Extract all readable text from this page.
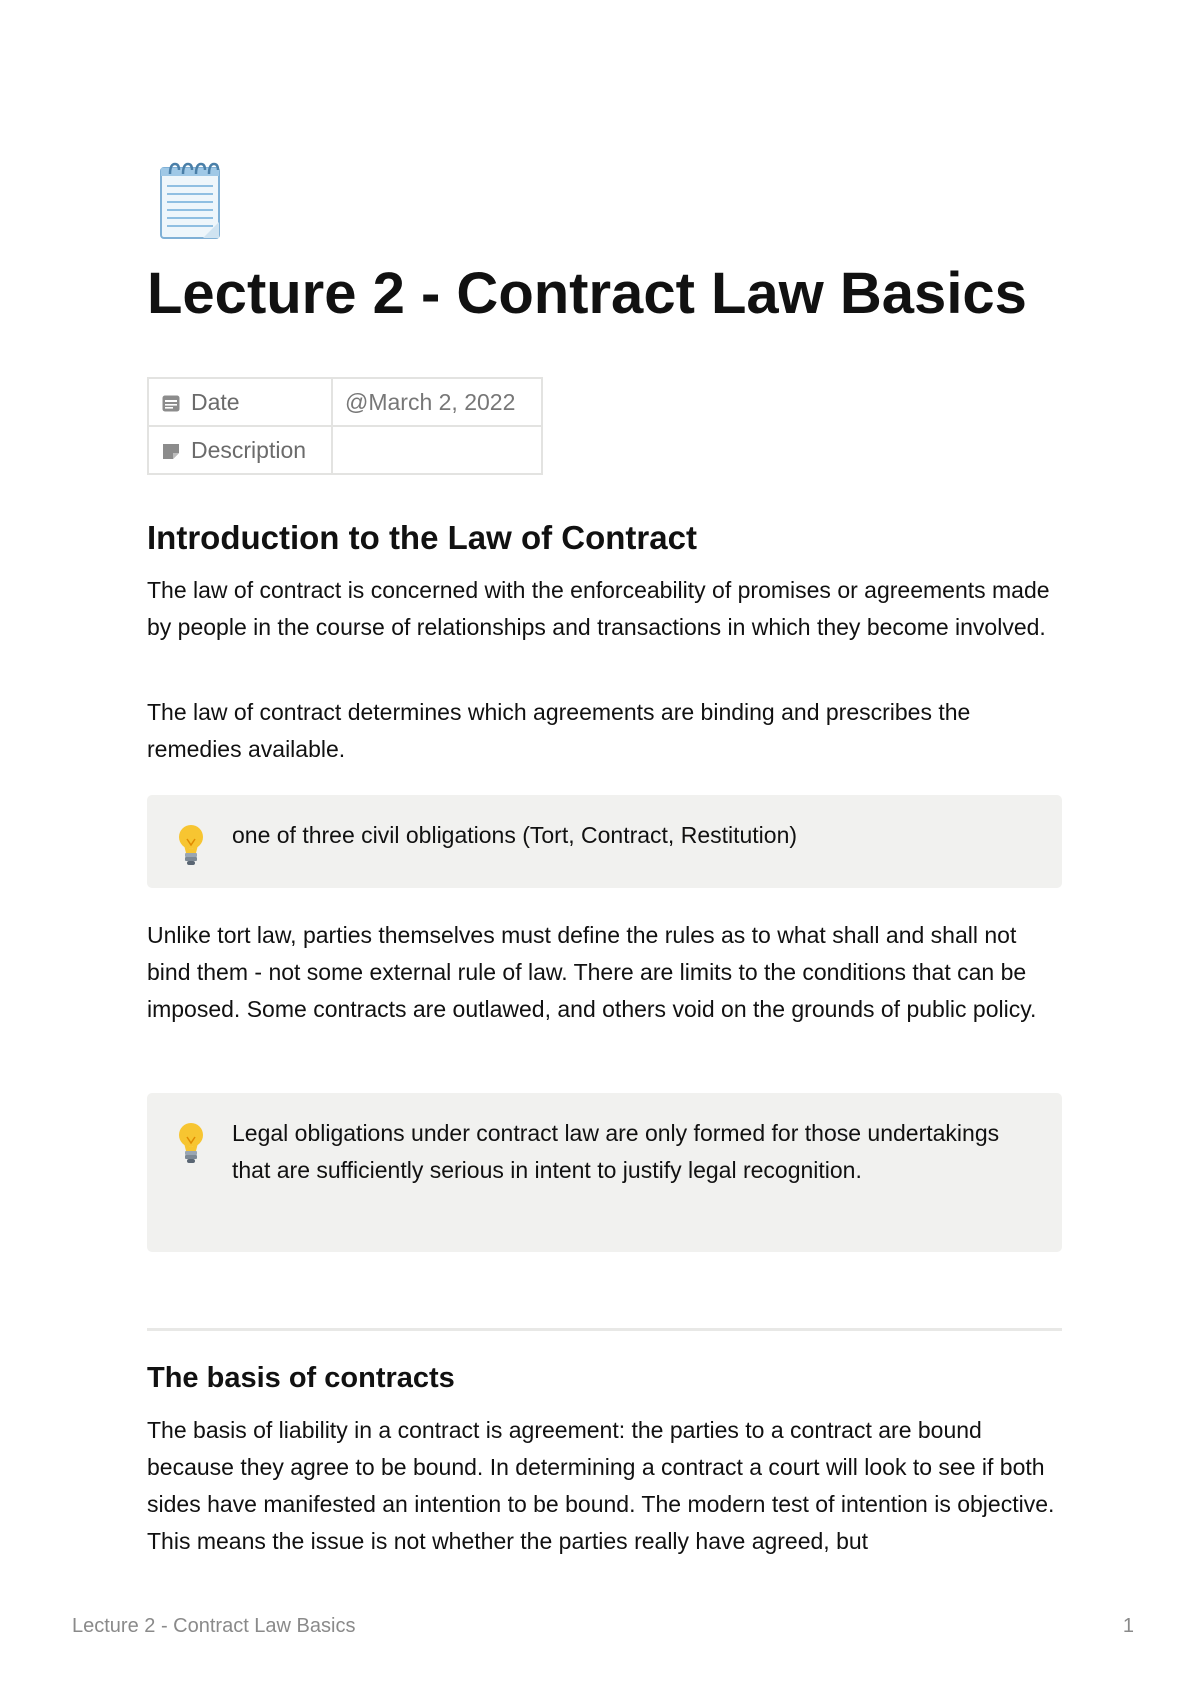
Lecture 2 - Contract Law Basics
Date	@March 2, 2022
Description	
Introduction to the Law of Contract

The law of contract is concerned with the enforceability of promises or agreements made by people in the course of relationships and transactions in which they become involved.

The law of contract determines which agreements are binding and prescribes the remedies available.

one of three civil obligations (Tort, Contract, Restitution)

Unlike tort law, parties themselves must define the rules as to what shall and shall not bind them - not some external rule of law. There are limits to the conditions that can be imposed. Some contracts are outlawed, and others void on the grounds of public policy.

Legal obligations under contract law are only formed for those undertakings that are sufficiently serious in intent to justify legal recognition.

The basis of contracts

The basis of liability in a contract is agreement: the parties to a contract are bound because they agree to be bound. In determining a contract a court will look to see if both sides have manifested an intention to be bound. The modern test of intention is objective. This means the issue is not whether the parties really have agreed, but

Lecture 2 - Contract Law Basics	1
